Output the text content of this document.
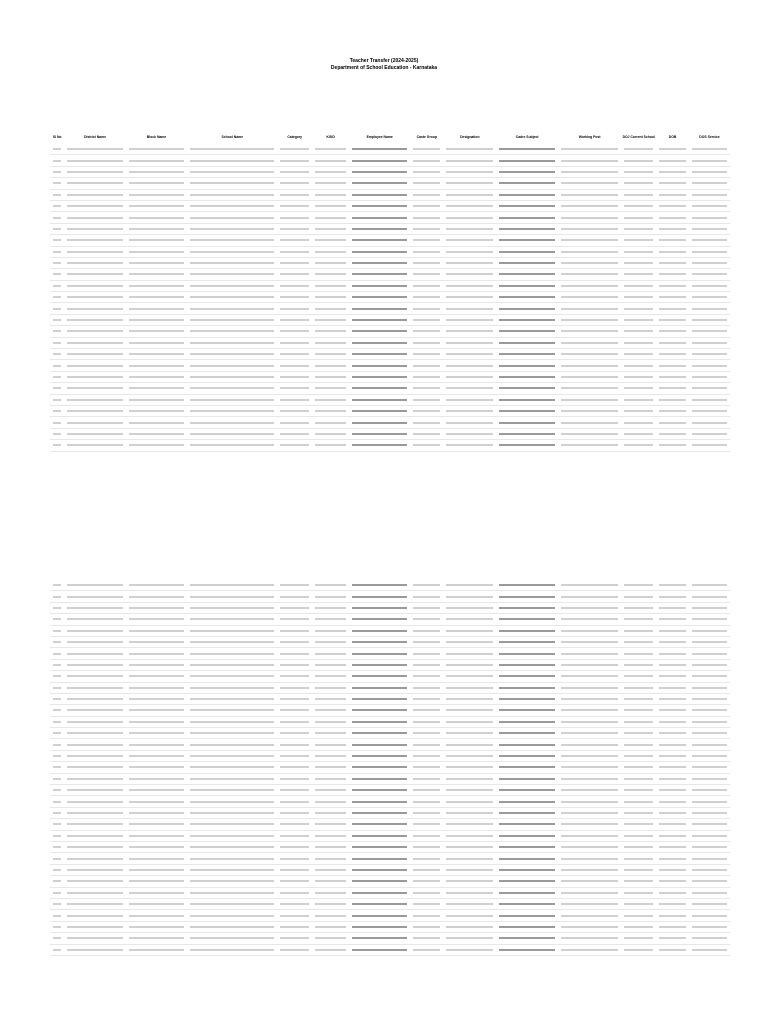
Teacher Transfer (2024-2025)
Department of School Education - Karnataka
Sl No	District Name	Block Name	School Name	Category	KGID	Employee Name	Caste Group	Designation	Cadre Subject	Working Post	DOJ Current School	DOB	DOS Service
